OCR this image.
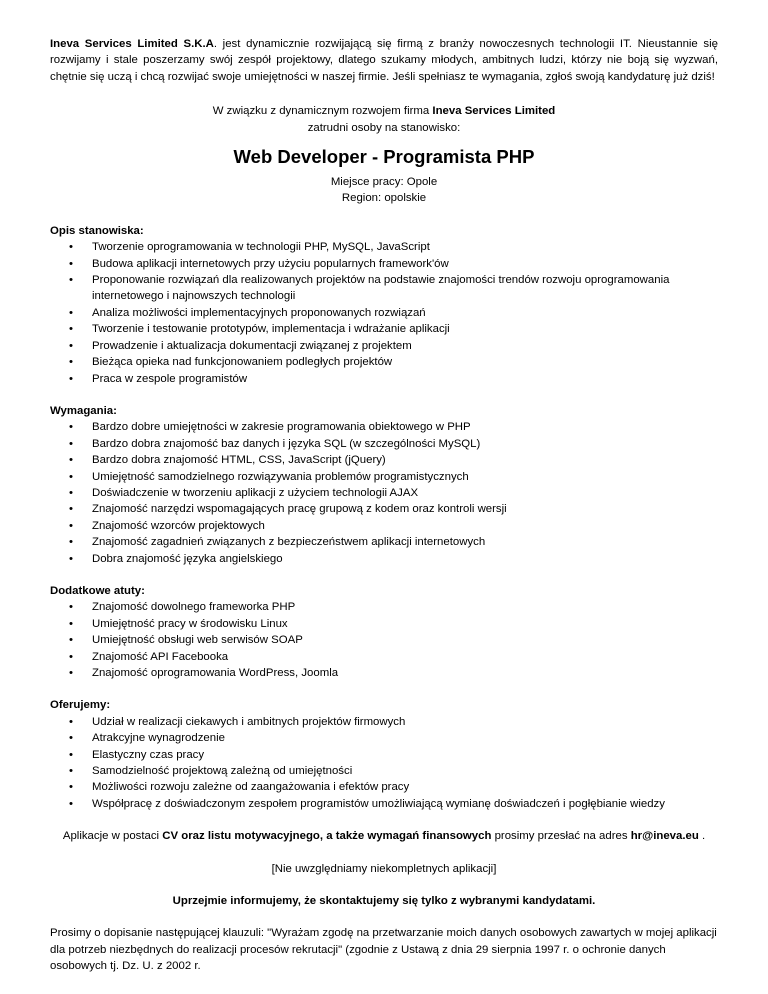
Ineva Services Limited S.K.A. jest dynamicznie rozwijającą się firmą z branży nowoczesnych technologii IT. Nieustannie się rozwijamy i stale poszerzamy swój zespół projektowy, dlatego szukamy młodych, ambitnych ludzi, którzy nie boją się wyzwań, chętnie się uczą i chcą rozwijać swoje umiejętności w naszej firmie. Jeśli spełniasz te wymagania, zgłoś swoją kandydaturę już dziś!

W związku z dynamicznym rozwojem firma Ineva Services Limited

zatrudni osoby na stanowisko:

Web Developer - Programista PHP

Miejsce pracy: Opole

Region: opolskie

Opis stanowiska:

• Tworzenie oprogramowania w technologii PHP, MySQL, JavaScript
• Budowa aplikacji internetowych przy użyciu popularnych framework'ów
• Proponowanie rozwiązań dla realizowanych projektów na podstawie znajomości trendów rozwoju oprogramowania internetowego i najnowszych technologii
• Analiza możliwości implementacyjnych proponowanych rozwiązań
• Tworzenie i testowanie prototypów, implementacja i wdrażanie aplikacji
• Prowadzenie i aktualizacja dokumentacji związanej z projektem
• Bieżąca opieka nad funkcjonowaniem podległych projektów
• Praca w zespole programistów

Wymagania:

• Bardzo dobre umiejętności w zakresie programowania obiektowego w PHP
• Bardzo dobra znajomość baz danych i języka SQL (w szczególności MySQL)
• Bardzo dobra znajomość HTML, CSS, JavaScript (jQuery)
• Umiejętność samodzielnego rozwiązywania problemów programistycznych
• Doświadczenie w tworzeniu aplikacji z użyciem technologii AJAX
• Znajomość narzędzi wspomagających pracę grupową z kodem oraz kontroli wersji
• Znajomość wzorców projektowych
• Znajomość zagadnień związanych z bezpieczeństwem aplikacji internetowych
• Dobra znajomość języka angielskiego

Dodatkowe atuty:

• Znajomość dowolnego frameworka PHP
• Umiejętność pracy w środowisku Linux
• Umiejętność obsługi web serwisów SOAP
• Znajomość API Facebooka
• Znajomość oprogramowania WordPress, Joomla

Oferujemy:

• Udział w realizacji ciekawych i ambitnych projektów firmowych
• Atrakcyjne wynagrodzenie
• Elastyczny czas pracy
• Samodzielność projektową zależną od umiejętności
• Możliwości rozwoju zależne od zaangażowania i efektów pracy
• Współpracę z doświadczonym zespołem programistów umożliwiającą wymianę doświadczeń i pogłębianie wiedzy

Aplikacje w postaci CV oraz listu motywacyjnego, a także wymagań finansowych prosimy przesłać na adres hr@ineva.eu .

[Nie uwzględniamy niekompletnych aplikacji]

Uprzejmie informujemy, że skontaktujemy się tylko z wybranymi kandydatami.

Prosimy o dopisanie następującej klauzuli: "Wyrażam zgodę na przetwarzanie moich danych osobowych zawartych w mojej aplikacji dla potrzeb niezbędnych do realizacji procesów rekrutacji" (zgodnie z Ustawą z dnia 29 sierpnia 1997 r. o ochronie danych osobowych tj. Dz. U. z 2002 r.
